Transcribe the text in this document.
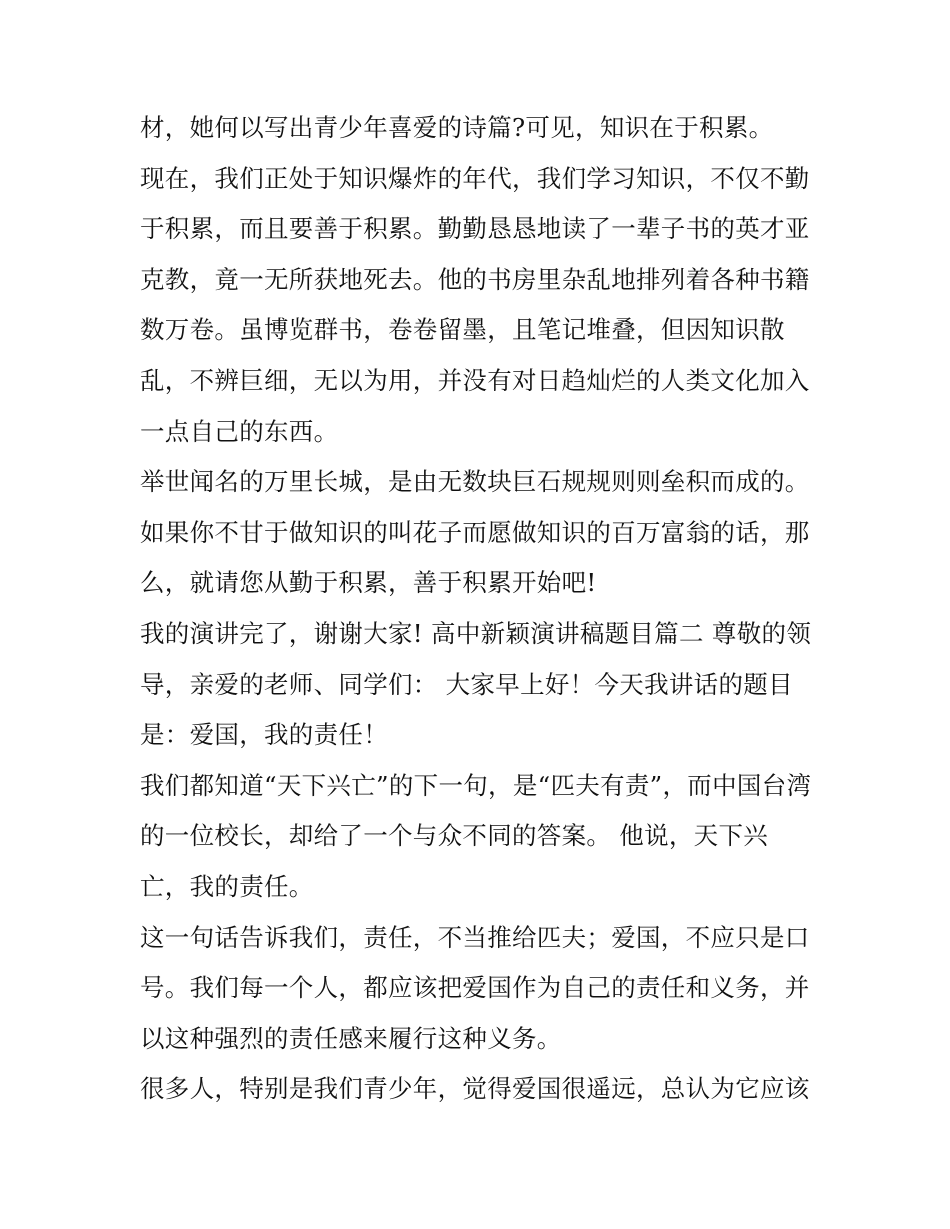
材，她何以写出青少年喜爱的诗篇?可见，知识在于积累。
现在，我们正处于知识爆炸的年代，我们学习知识，不仅不勤
于积累，而且要善于积累。勤勤恳恳地读了一辈子书的英才亚
克教，竟一无所获地死去。他的书房里杂乱地排列着各种书籍
数万卷。虽博览群书，卷卷留墨，且笔记堆叠，但因知识散
乱，不辨巨细，无以为用，并没有对日趋灿烂的人类文化加入
一点自己的东西。
举世闻名的万里长城，是由无数块巨石规规则则垒积而成的。
如果你不甘于做知识的叫花子而愿做知识的百万富翁的话，那
么，就请您从勤于积累，善于积累开始吧!
我的演讲完了，谢谢大家! 高中新颖演讲稿题目篇二 尊敬的领
导，亲爱的老师、同学们： 大家早上好！今天我讲话的题目
是：爱国，我的责任！
我们都知道“天下兴亡”的下一句，是“匹夫有责”，而中国台湾
的一位校长，却给了一个与众不同的答案。 他说，天下兴
亡，我的责任。
这一句话告诉我们，责任，不当推给匹夫；爱国，不应只是口
号。我们每一个人，都应该把爱国作为自己的责任和义务，并
以这种强烈的责任感来履行这种义务。
很多人，特别是我们青少年，觉得爱国很遥远，总认为它应该
